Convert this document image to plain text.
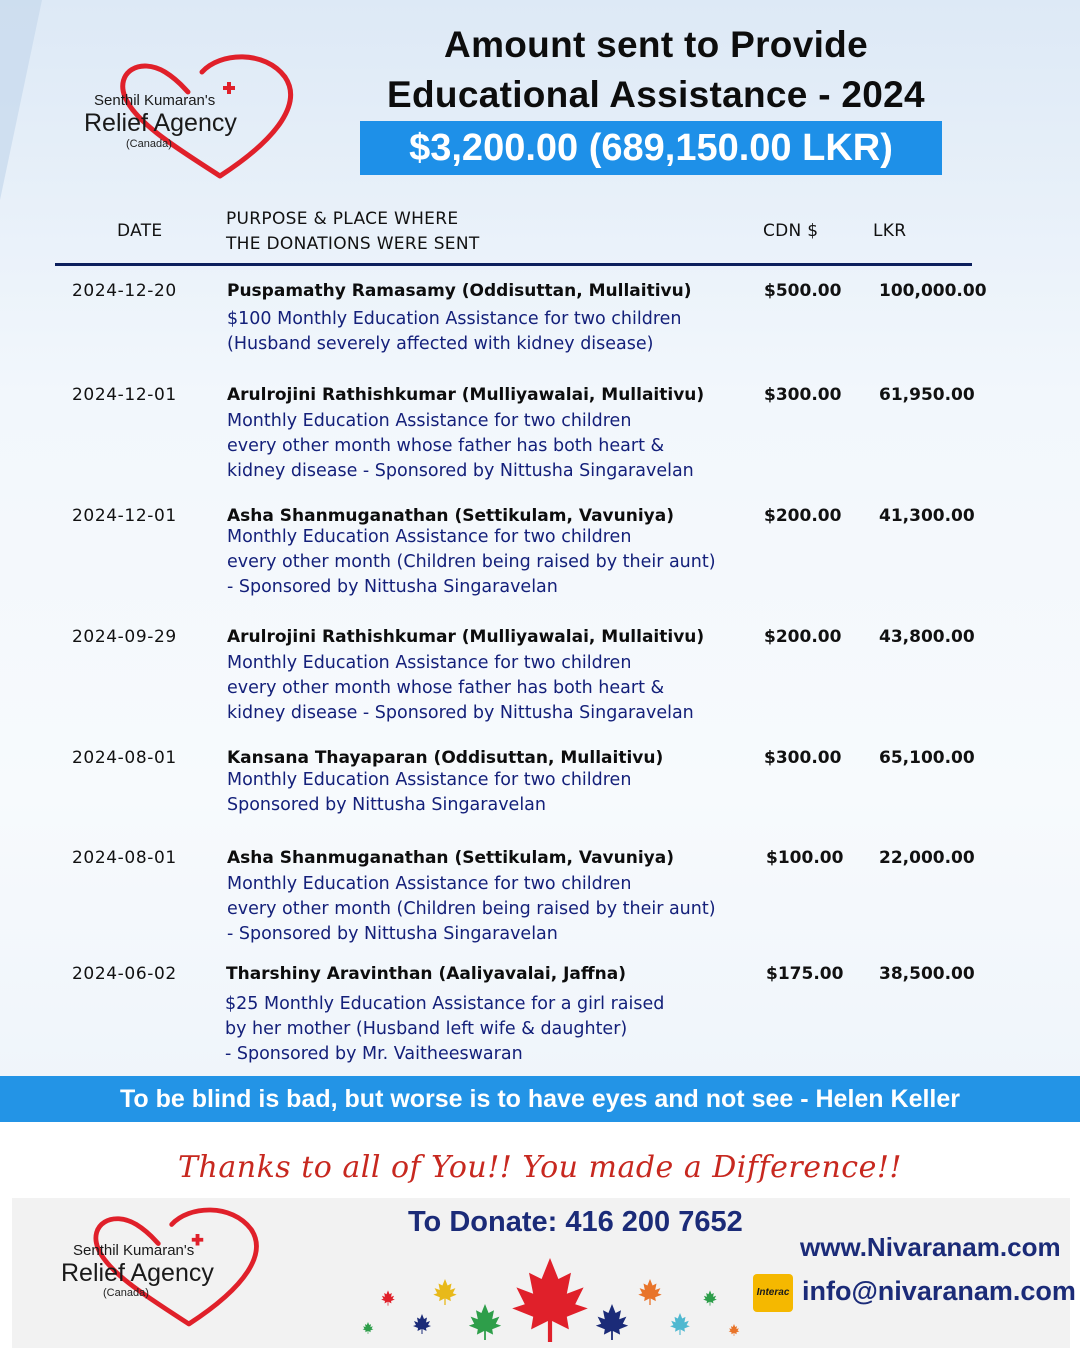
Senthil Kumaran's
Relief Agency
(Canada)
Amount sent to Provide
Educational Assistance - 2024
$3,200.00 (689,150.00 LKR)
DATE
PURPOSE & PLACE WHERE
THE DONATIONS WERE SENT
CDN $	LKR
2024-12-20	Puspamathy Ramasamy (Oddisuttan, Mullaitivu)
$100 Monthly Education Assistance for two children
(Husband severely affected with kidney disease)
$500.00 100,000.00
2024-12-01	Arulrojini Rathishkumar (Mulliyawalai, Mullaitivu)
Monthly Education Assistance for two children
every other month whose father has both heart &
kidney disease - Sponsored by Nittusha Singaravelan
$300.00 61,950.00
2024-12-01	Asha Shanmuganathan (Settikulam, Vavuniya)
Monthly Education Assistance for two children
every other month (Children being raised by their aunt)
- Sponsored by Nittusha Singaravelan
$200.00 41,300.00
2024-09-29	Arulrojini Rathishkumar (Mulliyawalai, Mullaitivu)
Monthly Education Assistance for two children
every other month whose father has both heart &
kidney disease - Sponsored by Nittusha Singaravelan
$200.00 43,800.00
2024-08-01	Kansana Thayaparan (Oddisuttan, Mullaitivu)
Monthly Education Assistance for two children
Sponsored by Nittusha Singaravelan
$300.00 65,100.00
2024-08-01	Asha Shanmuganathan (Settikulam, Vavuniya)
Monthly Education Assistance for two children
every other month (Children being raised by their aunt)
- Sponsored by Nittusha Singaravelan
$100.00 22,000.00
2024-06-02	Tharshiny Aravinthan (Aaliyavalai, Jaffna)
$25 Monthly Education Assistance for a girl raised
by her mother (Husband left wife & daughter)
- Sponsored by Mr. Vaitheeswaran
$175.00 38,500.00
To be blind is bad, but worse is to have eyes and not see - Helen Keller
Thanks to all of You!! You made a Difference!!
Senthil Kumaran's
Relief Agency
(Canada)
To Donate: 416 200 7652
www.Nivaranam.com
Interac info@nivaranam.com
